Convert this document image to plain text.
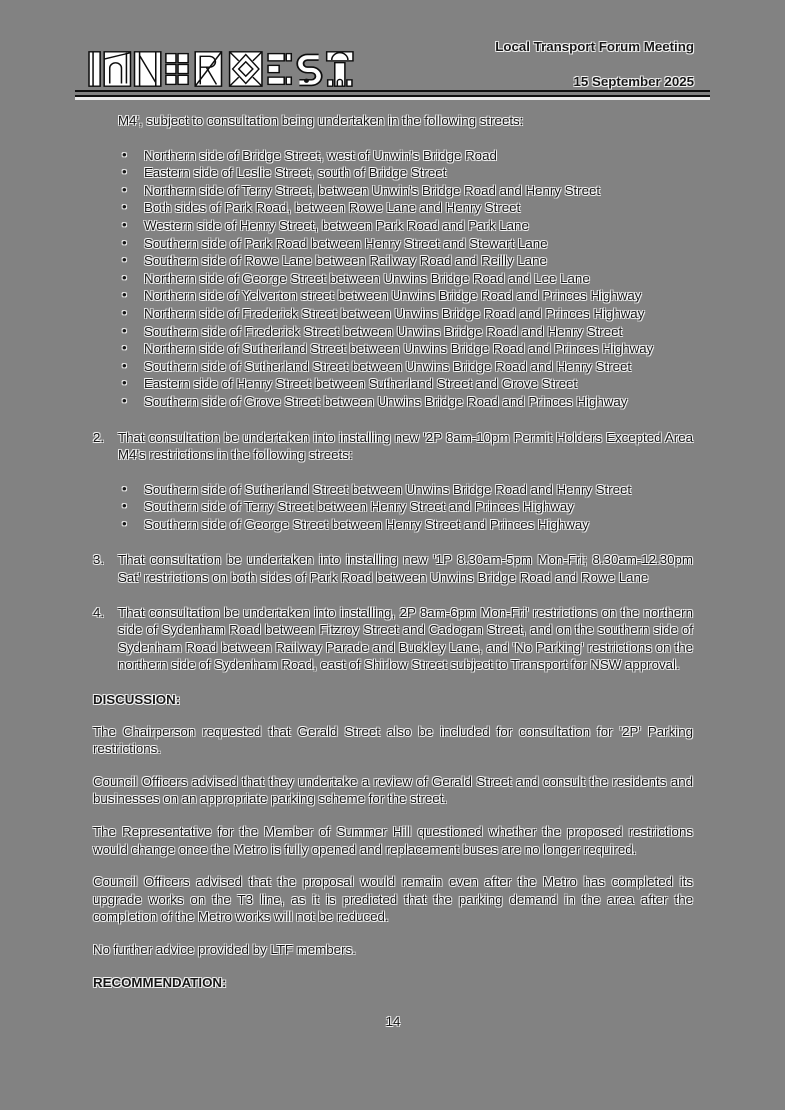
Local Transport Forum Meeting
15 September 2025

M4', subject to consultation being undertaken in the following streets:

• Northern side of Bridge Street, west of Unwin's Bridge Road
• Eastern side of Leslie Street, south of Bridge Street
• Northern side of Terry Street, between Unwin's Bridge Road and Henry Street
• Both sides of Park Road, between Rowe Lane and Henry Street
• Western side of Henry Street, between Park Road and Park Lane
• Southern side of Park Road between Henry Street and Stewart Lane
• Southern side of Rowe Lane between Railway Road and Reilly Lane
• Northern side of George Street between Unwins Bridge Road and Lee Lane
• Northern side of Yelverton street between Unwins Bridge Road and Princes Highway
• Northern side of Frederick Street between Unwins Bridge Road and Princes Highway
• Southern side of Frederick Street between Unwins Bridge Road and Henry Street
• Northern side of Sutherland Street between Unwins Bridge Road and Princes Highway
• Southern side of Sutherland Street between Unwins Bridge Road and Henry Street
• Eastern side of Henry Street between Sutherland Street and Grove Street
• Southern side of Grove Street between Unwins Bridge Road and Princes Highway
2.	That consultation be undertaken into installing new '2P 8am-10pm Permit Holders Excepted Area M4's restrictions in the following streets:

• Southern side of Sutherland Street between Unwins Bridge Road and Henry Street
• Southern side of Terry Street between Henry Street and Princes Highway
• Southern side of George Street between Henry Street and Princes Highway
3.	That consultation be undertaken into installing new '1P 8.30am-5pm Mon-Fri; 8.30am-12.30pm Sat' restrictions on both sides of Park Road between Unwins Bridge Road and Rowe Lane

4.	That consultation be undertaken into installing, 2P 8am-6pm Mon-Fri' restrictions on the northern side of Sydenham Road between Fitzroy Street and Cadogan Street, and on the southern side of Sydenham Road between Railway Parade and Buckley Lane, and 'No Parking' restrictions on the northern side of Sydenham Road, east of Shirlow Street subject to Transport for NSW approval.

DISCUSSION:

The Chairperson requested that Gerald Street also be included for consultation for '2P' Parking restrictions.

Council Officers advised that they undertake a review of Gerald Street and consult the residents and businesses on an appropriate parking scheme for the street.

The Representative for the Member of Summer Hill questioned whether the proposed restrictions would change once the Metro is fully opened and replacement buses are no longer required.

Council Officers advised that the proposal would remain even after the Metro has completed its upgrade works on the T3 line, as it is predicted that the parking demand in the area after the completion of the Metro works will not be reduced.

No further advice provided by LTF members.

RECOMMENDATION:

14
